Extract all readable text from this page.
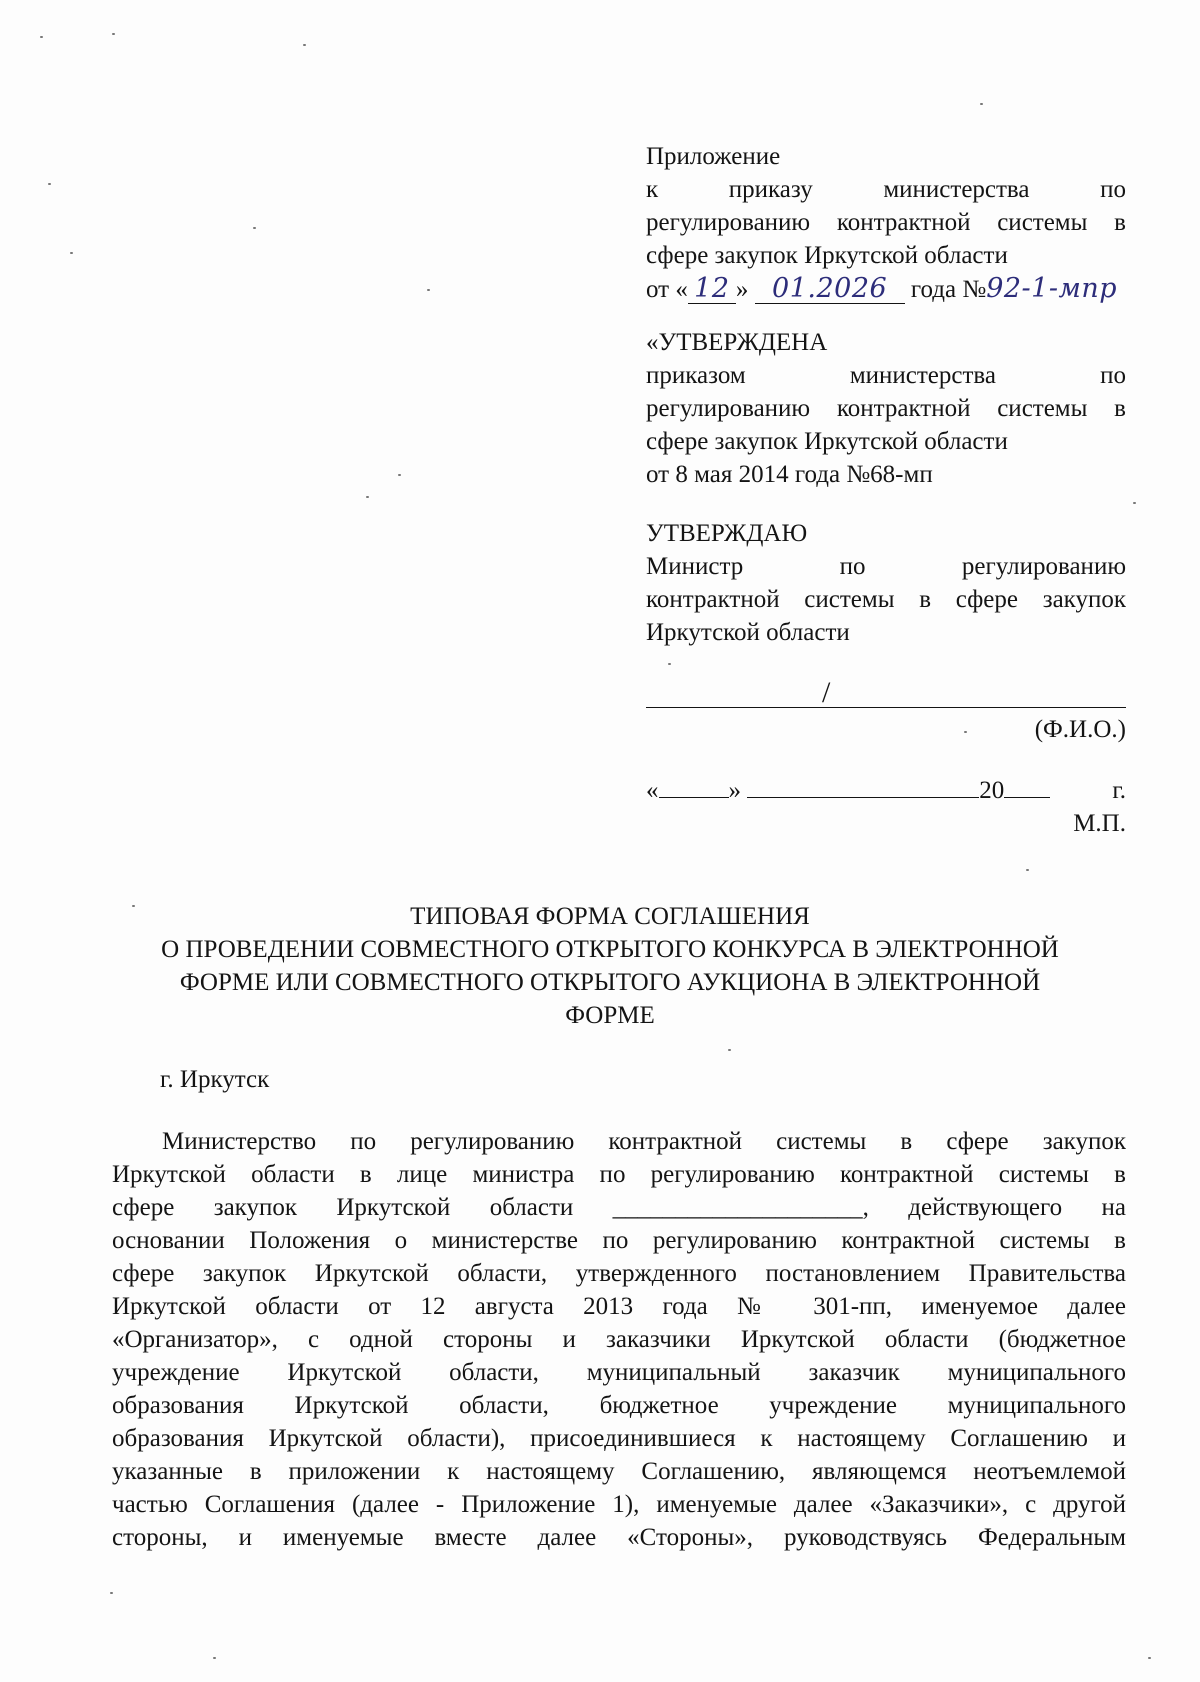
Приложение
к приказу министерства по
регулированию контрактной системы в
сфере закупок Иркутской области
от « 12 » 01.2026 года №92-1-мпр
«УТВЕРЖДЕНА
приказом министерства по
регулированию контрактной системы в
сфере закупок Иркутской области
от 8 мая 2014 года №68-мп
УТВЕРЖДАЮ
Министр по регулированию
контрактной системы в сфере закупок
Иркутской области
/
(Ф.И.О.)
«	»	20	г.
М.П.
ТИПОВАЯ ФОРМА СОГЛАШЕНИЯ
О ПРОВЕДЕНИИ СОВМЕСТНОГО ОТКРЫТОГО КОНКУРСА В ЭЛЕКТРОННОЙ
ФОРМЕ ИЛИ СОВМЕСТНОГО ОТКРЫТОГО АУКЦИОНА В ЭЛЕКТРОННОЙ
ФОРМЕ
г. Иркутск
Министерство по регулированию контрактной системы в сфере закупок
Иркутской области в лице министра по регулированию контрактной системы в
сфере закупок Иркутской области ____________________, действующего на
основании Положения о министерстве по регулированию контрактной системы в
сфере закупок Иркутской области, утвержденного постановлением Правительства
Иркутской области от 12 августа 2013 года № 301-пп, именуемое далее
«Организатор», с одной стороны и заказчики Иркутской области (бюджетное
учреждение Иркутской области, муниципальный заказчик муниципального
образования Иркутской области, бюджетное учреждение муниципального
образования Иркутской области), присоединившиеся к настоящему Соглашению и
указанные в приложении к настоящему Соглашению, являющемся неотъемлемой
частью Соглашения (далее - Приложение 1), именуемые далее «Заказчики», с другой
стороны, и именуемые вместе далее «Стороны», руководствуясь Федеральным
